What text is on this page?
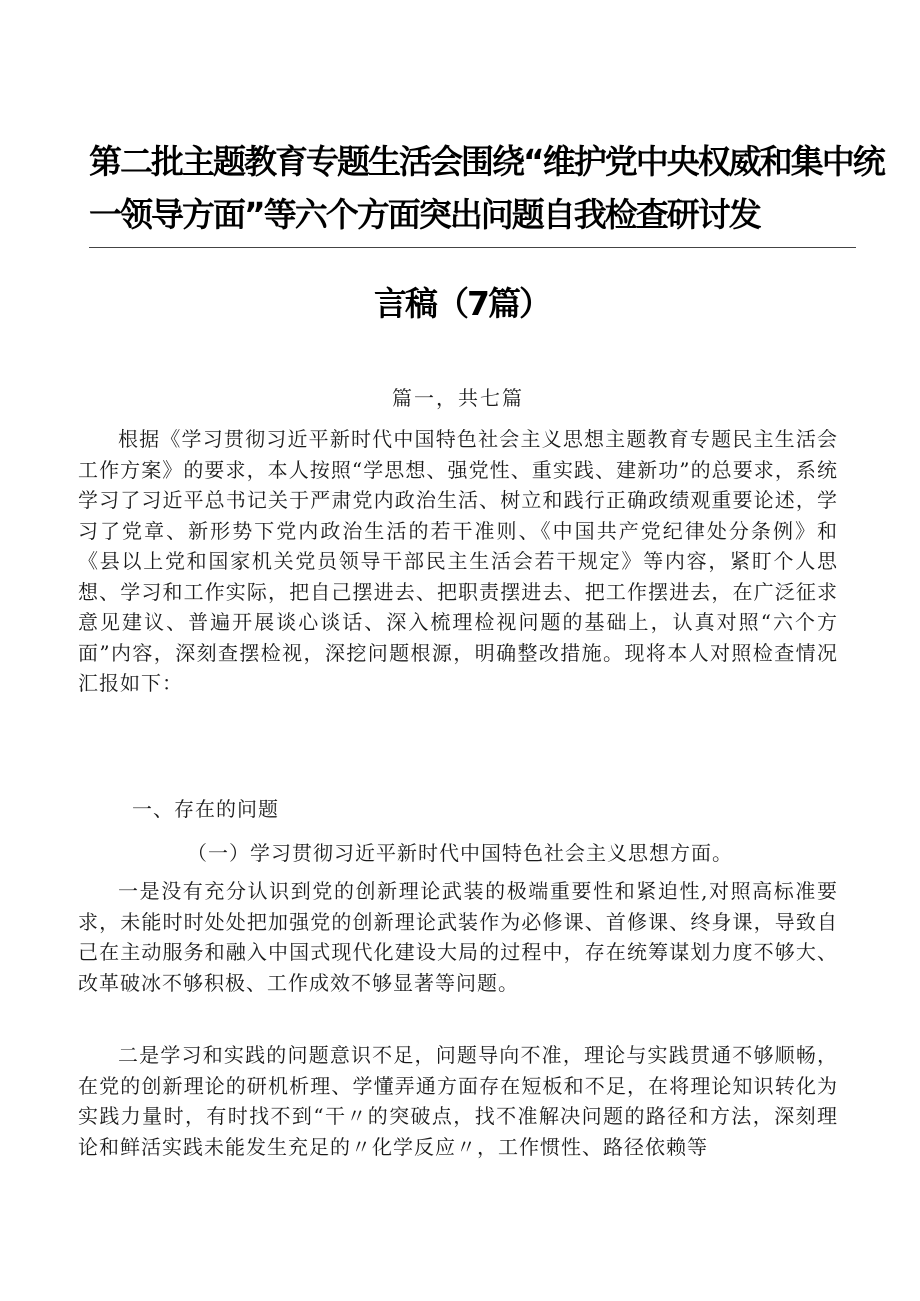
第二批主题教育专题生活会围绕“维护党中央权威和集中统

一领导方面”等六个方面突出问题自我检查研讨发

言稿（7篇）

篇一，共七篇

根据《学习贯彻习近平新时代中国特色社会主义思想主题教育专题民主生活会工作方案》的要求，本人按照“学思想、强党性、重实践、建新功”的总要求，系统学习了习近平总书记关于严肃党内政治生活、树立和践行正确政绩观重要论述，学习了党章、新形势下党内政治生活的若干准则、《中国共产党纪律处分条例》和《县以上党和国家机关党员领导干部民主生活会若干规定》等内容，紧盯个人思想、学习和工作实际，把自己摆进去、把职责摆进去、把工作摆进去，在广泛征求意见建议、普遍开展谈心谈话、深入梳理检视问题的基础上，认真对照“六个方面”内容，深刻查摆检视，深挖问题根源，明确整改措施。现将本人对照检查情况汇报如下：

一、存在的问题

（一）学习贯彻习近平新时代中国特色社会主义思想方面。

一是没有充分认识到党的创新理论武装的极端重要性和紧迫性,对照高标准要求，未能时时处处把加强党的创新理论武装作为必修课、首修课、终身课，导致自己在主动服务和融入中国式现代化建设大局的过程中，存在统筹谋划力度不够大、改革破冰不够积极、工作成效不够显著等问题。

二是学习和实践的问题意识不足，问题导向不准，理论与实践贯通不够顺畅，在党的创新理论的研机析理、学懂弄通方面存在短板和不足，在将理论知识转化为实践力量时，有时找不到“干〃的突破点，找不准解决问题的路径和方法，深刻理论和鲜活实践未能发生充足的〃化学反应〃，工作惯性、路径依赖等
